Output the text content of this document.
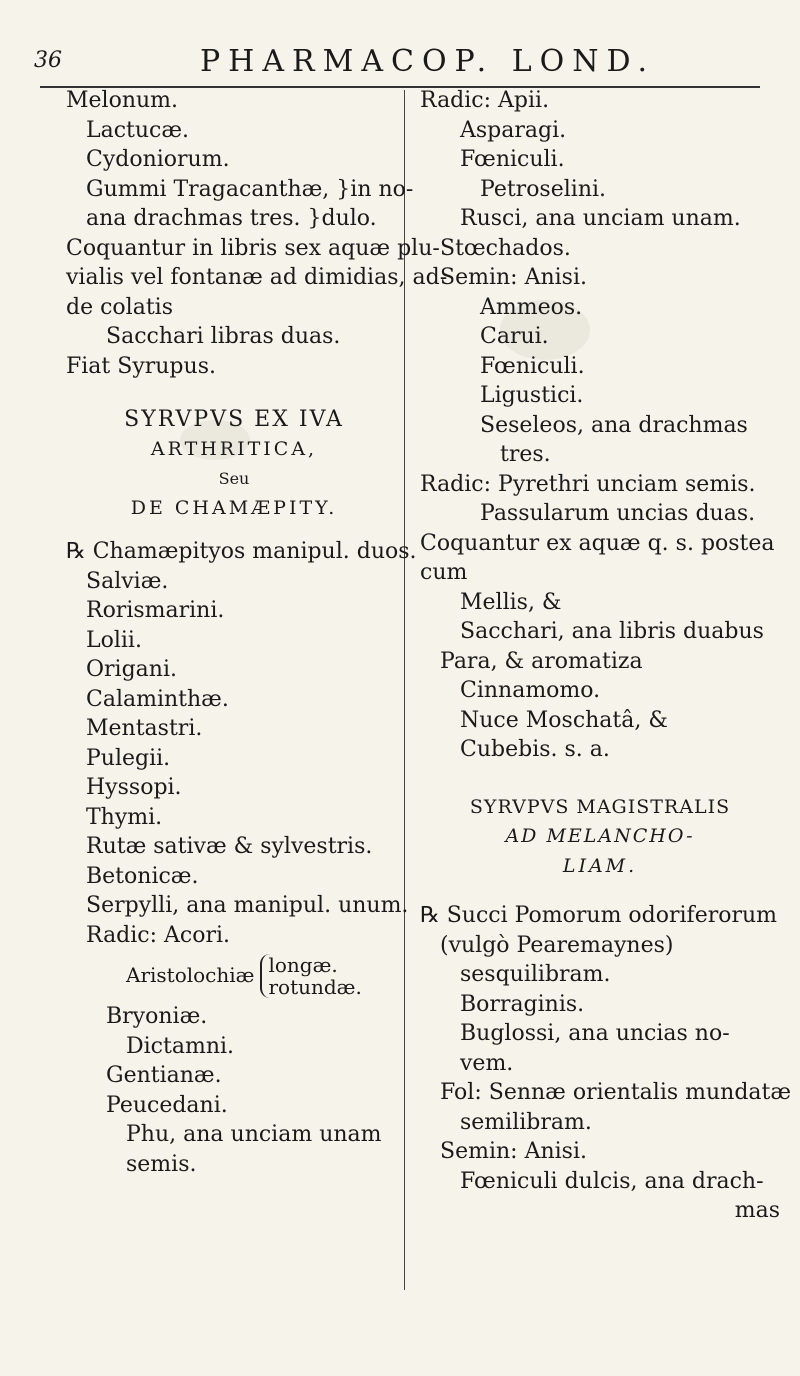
36	PHARMACOP. LOND.
Melonum.
Lactucæ.
Cydoniorum.
Gummi Tragacanthæ, }in no-
ana drachmas tres. }dulo.
Coquantur in libris sex aquæ plu-
vialis vel fontanæ ad dimidias, ad-
de colatis
Sacchari libras duas.
Fiat Syrupus.
SYRVPVS EX IVA
ARTHRITICA,
Seu
DE CHAMÆPITY.
℞ Chamæpityos manipul. duos.
Salviæ.
Rorismarini.
Lolii.
Origani.
Calaminthæ.
Mentastri.
Pulegii.
Hyssopi.
Thymi.
Rutæ sativæ & sylvestris.
Betonicæ.
Serpylli, ana manipul. unum.
Radic: Acori.
Aristolochiæ longæ.
rotundæ.
Bryoniæ.
Dictamni.
Gentianæ.
Peucedani.
Phu, ana unciam unam
semis.
Radic: Apii.
Asparagi.
Fœniculi.
Petroselini.
Rusci, ana unciam unam.
Stœchados.
Semin: Anisi.
Ammeos.
Carui.
Fœniculi.
Ligustici.
Seseleos, ana drachmas
tres.
Radic: Pyrethri unciam semis.
Passularum uncias duas.
Coquantur ex aquæ q. s. postea
cum
Mellis, &
Sacchari, ana libris duabus
Para, & aromatiza
Cinnamomo.
Nuce Moschatâ, &
Cubebis. s. a.
SYRVPVS MAGISTRALIS
AD MELANCHO-
LIAM.
℞ Succi Pomorum odoriferorum
(vulgò Pearemaynes)
sesquilibram.
Borraginis.
Buglossi, ana uncias no-
vem.
Fol: Sennæ orientalis mundatæ
semilibram.
Semin: Anisi.
Fœniculi dulcis, ana drach-
mas
